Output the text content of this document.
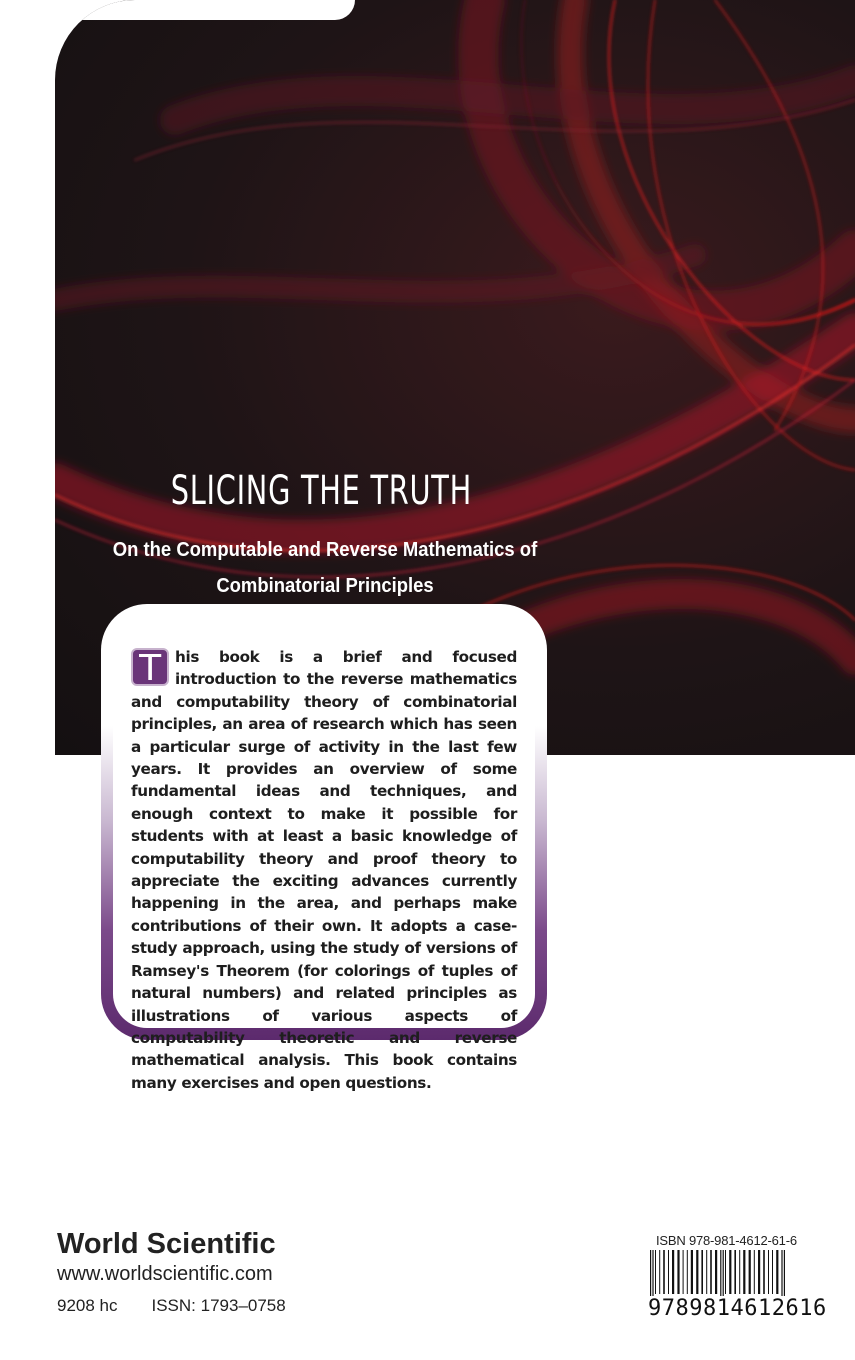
SLICING THE TRUTH
On the Computable and Reverse Mathematics of Combinatorial Principles

T his book is a brief and focused introduction to the reverse mathematics and computability theory of combinatorial principles, an area of research which has seen a particular surge of activity in the last few years. It provides an overview of some fundamental ideas and techniques, and enough context to make it possible for students with at least a basic knowledge of computability theory and proof theory to appreciate the exciting advances currently happening in the area, and perhaps make contributions of their own. It adopts a case-study approach, using the study of versions of Ramsey's Theorem (for colorings of tuples of natural numbers) and related principles as illustrations of various aspects of computability theoretic and reverse mathematical analysis. This book contains many exercises and open questions.

World Scientific
www.worldscientific.com
9208 hc ISSN: 1793–0758
ISBN 978-981-4612-61-6
9789814612616
